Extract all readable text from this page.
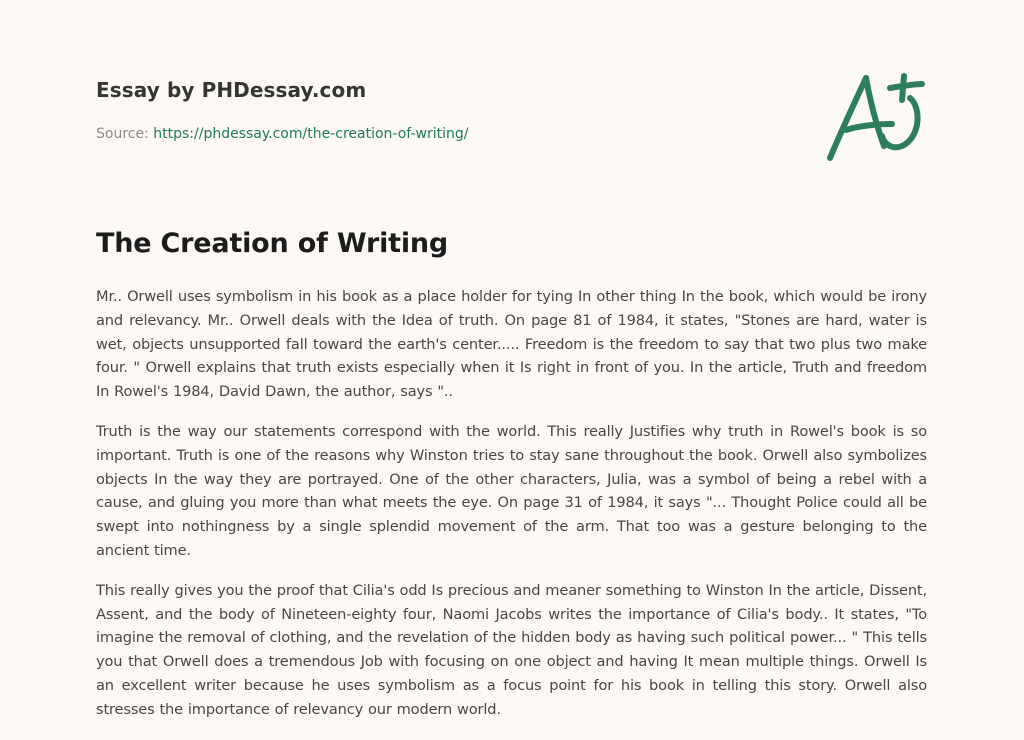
Essay by PHDessay.com
Source: https://phdessay.com/the-creation-of-writing/
The Creation of Writing

Mr.. Orwell uses symbolism in his book as a place holder for tying In other thing In the book, which would be irony and relevancy. Mr.. Orwell deals with the Idea of truth. On page 81 of 1984, it states, "Stones are hard, water is wet, objects unsupported fall toward the earth's center..... Freedom is the freedom to say that two plus two make four. " Orwell explains that truth exists especially when it Is right in front of you. In the article, Truth and freedom In Rowel's 1984, David Dawn, the author, says "..

Truth is the way our statements correspond with the world. This really Justifies why truth in Rowel's book is so important. Truth is one of the reasons why Winston tries to stay sane throughout the book. Orwell also symbolizes objects In the way they are portrayed. One of the other characters, Julia, was a symbol of being a rebel with a cause, and gluing you more than what meets the eye. On page 31 of 1984, it says "... Thought Police could all be swept into nothingness by a single splendid movement of the arm. That too was a gesture belonging to the ancient time.

This really gives you the proof that Cilia's odd Is precious and meaner something to Winston In the article, Dissent, Assent, and the body of Nineteen-eighty four, Naomi Jacobs writes the importance of Cilia's body.. It states, "To imagine the removal of clothing, and the revelation of the hidden body as having such political power... " This tells you that Orwell does a tremendous Job with focusing on one object and having It mean multiple things. Orwell Is an excellent writer because he uses symbolism as a focus point for his book in telling this story. Orwell also stresses the importance of relevancy our modern world.
